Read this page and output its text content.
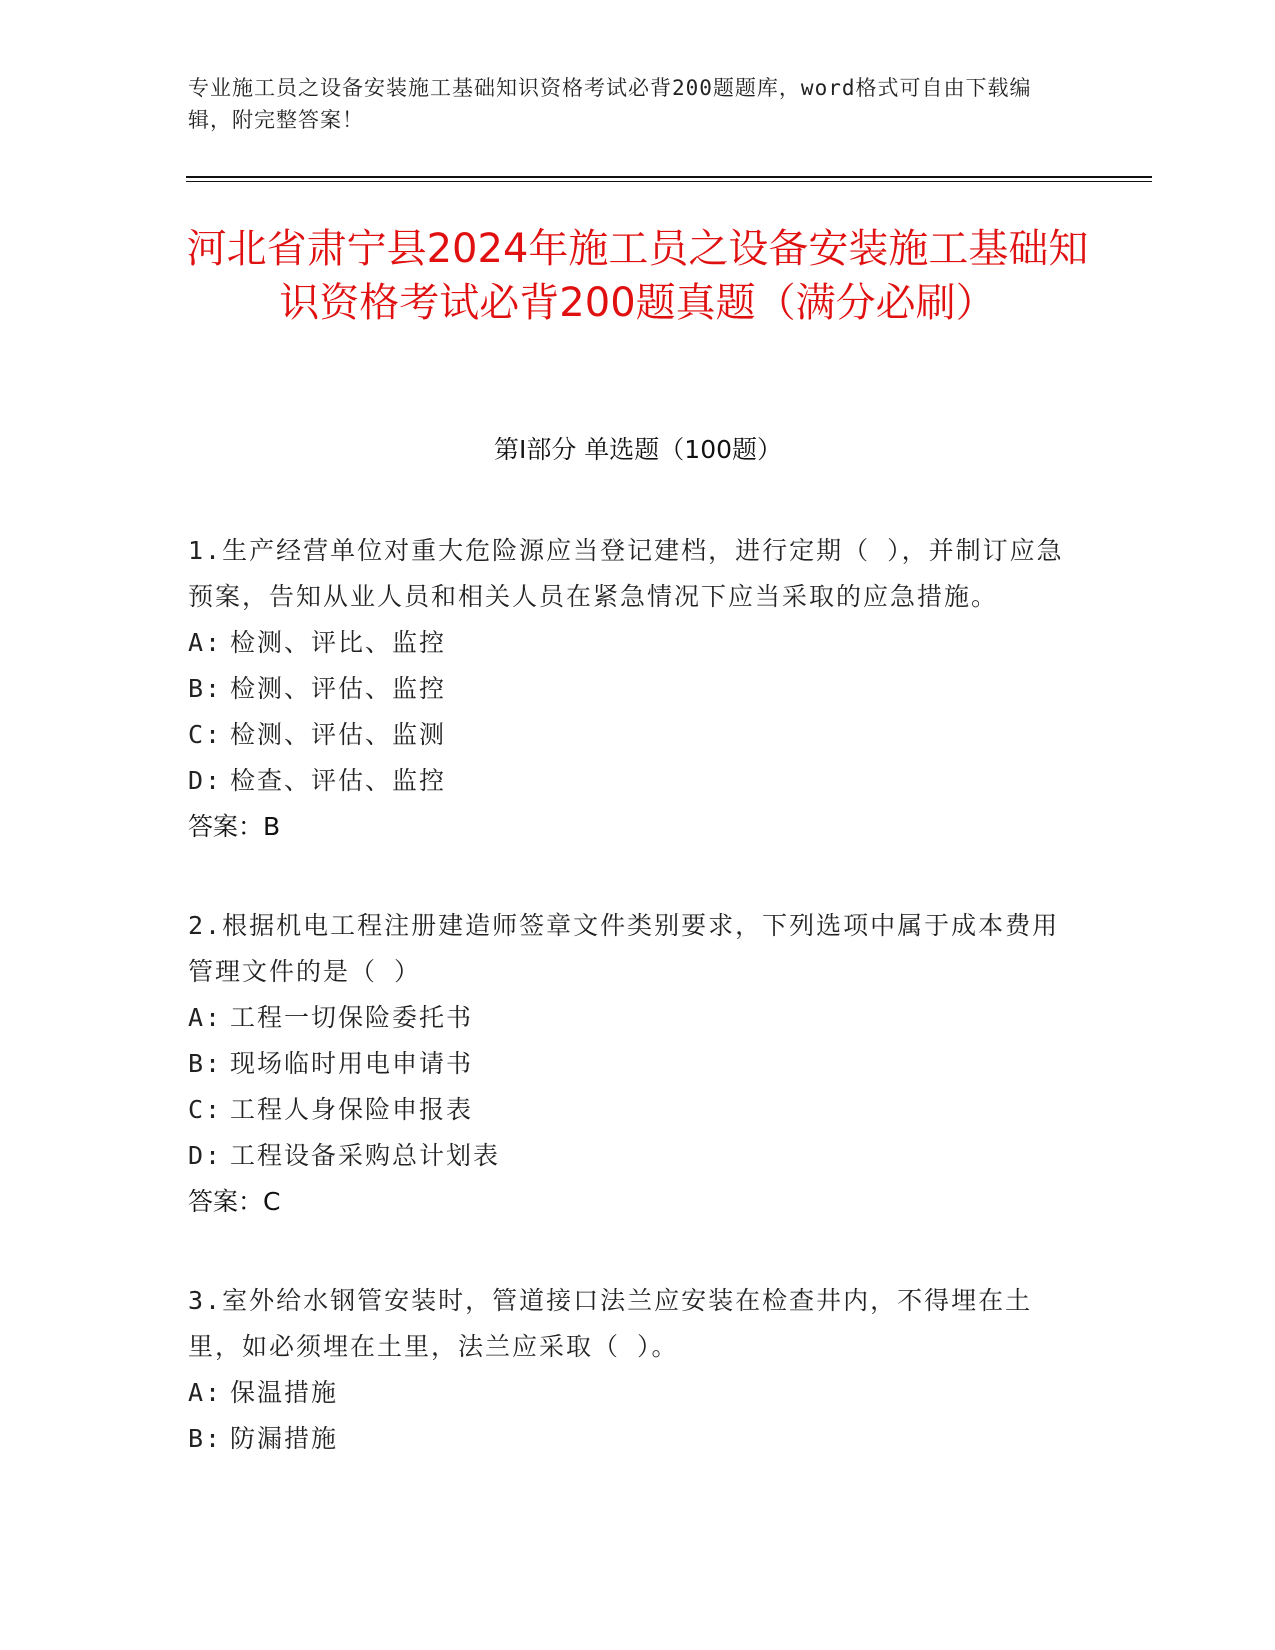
专业施工员之设备安装施工基础知识资格考试必背200题题库，word格式可自由下载编辑，附完整答案！
河北省肃宁县2024年施工员之设备安装施工基础知识资格考试必背200题真题（满分必刷）
第Ⅰ部分 单选题（100题）
1.生产经营单位对重大危险源应当登记建档，进行定期（ ），并制订应急预案，告知从业人员和相关人员在紧急情况下应当采取的应急措施。
A: 检测、评比、监控
B: 检测、评估、监控
C: 检测、评估、监测
D: 检查、评估、监控
答案：B
2.根据机电工程注册建造师签章文件类别要求，下列选项中属于成本费用管理文件的是（ ）
A: 工程一切保险委托书
B: 现场临时用电申请书
C: 工程人身保险申报表
D: 工程设备采购总计划表
答案：C
3.室外给水钢管安装时，管道接口法兰应安装在检查井内，不得埋在土里，如必须埋在土里，法兰应采取（ ）。
A: 保温措施
B: 防漏措施
